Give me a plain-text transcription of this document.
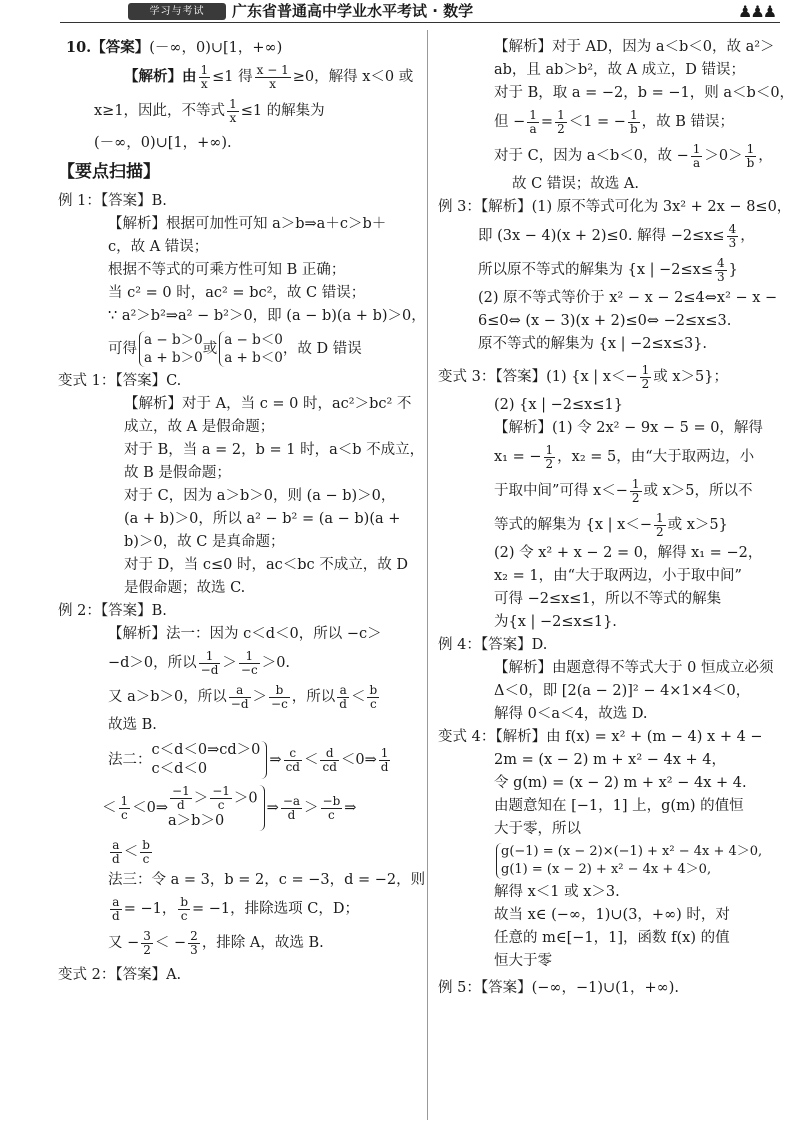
学习与考试	广东省普通高中学业水平考试 · 数学	♟♟♟
10.【答案】(－∞，0)∪[1，+∞)
【解析】由 $\frac{1}{x} \le 1$ 得 $\frac{x - 1}{x} \ge 0$，解得 x＜0 或
x≥1，因此，不等式 $\frac{1}{x} \le 1$ 的解集为
(－∞，0)∪[1，+∞).
【要点扫描】
例 1：【答案】B.
【解析】根据可加性可知 a＞b⇒a＋c＞b＋
c，故 A 错误；
根据不等式的可乘方性可知 B 正确；
当 c² = 0 时，ac² = bc²，故 C 错误；
∵ a²＞b²⇒a² − b²＞0，即 (a − b)(a + b)＞0，
可得
a − b＞0
a + b＞0
或
a − b＜0
a + b＜0
，故 D 错误
变式 1：【答案】C.
【解析】对于 A，当 c = 0 时，ac²＞bc² 不
成立，故 A 是假命题；
对于 B，当 a = 2，b = 1 时，a＜b 不成立，
故 B 是假命题；
对于 C，因为 a＞b＞0，则 (a − b)＞0，
(a + b)＞0，所以 a² − b² = (a − b)(a +
b)＞0，故 C 是真命题；
对于 D，当 c≤0 时，ac＜bc 不成立，故 D
是假命题；故选 C.
例 2：【答案】B.
【解析】法一：因为 c＜d＜0，所以 −c＞
−d＞0，所以 $\frac{1}{-d} > \frac{1}{-c} >0$.
又 a＞b＞0，所以 $\frac{a}{-d} > \frac{b}{-c}$ ，所以 $\frac{a}{d} < \frac{b}{c}$
故选 B.
法二：
c＜d＜0⇒cd＞0
c＜d＜0
⇒ $\frac{c}{cd} < \frac{d}{cd}$ ＜0⇒ $\frac{1}{d}$
＜ $\frac{1}{c}$ ＜0⇒ $\frac{-1}{d} > \frac{-1}{c} >0$
a＞b＞0⇒ $\frac{-a}{d} > \frac{-b}{c}$ ⇒
$\frac{a}{d} < \frac{b}{c}$
法三：令 a = 3，b = 2，c = −3，d = −2，则
$\frac{a}{d} = -1$， $\frac{b}{c} = -1$，排除选项 C，D；
又 − $\frac{3}{2}$ ＜ − $\frac{2}{3}$ ，排除 A，故选 B.
变式 2：【答案】A.
【解析】对于 AD，因为 a＜b＜0，故 a²＞
ab，且 ab＞b²，故 A 成立，D 错误；
对于 B，取 a = −2，b = −1，则 a＜b＜0，
但 − $\frac{1}{a} = \frac{1}{2} <1$ = − $\frac{1}{b}$ ，故 B 错误；
对于 C，因为 a＜b＜0，故 − $\frac{1}{a} >0> \frac{1}{b}$ ，
故 C 错误；故选 A.
例 3：【解析】(1) 原不等式可化为 3x² + 2x − 8≤0，
即 (3x − 4)(x + 2)≤0. 解得 $-2\le x\le \frac{4}{3}$ ，
所以原不等式的解集为 {x | $-2\le x\le \frac{4}{3}$ }
(2) 原不等式等价于 x² − x − 2≤4⇔x² − x −
6≤0⇔ (x − 3)(x + 2)≤0⇔ −2≤x≤3.
原不等式的解集为 {x | −2≤x≤3}.
变式 3：【答案】(1) {x | $x<- \frac{1}{2}$ 或 x＞5}；
(2) {x | −2≤x≤1}
【解析】(1) 令 2x² − 9x − 5 = 0，解得
x₁ = − $\frac{1}{2}$ ，x₂ = 5，由“大于取两边，小
于取中间”可得 $x<- \frac{1}{2}$ 或 x＞5，所以不
等式的解集为 {x | $x<- \frac{1}{2}$ 或 x＞5}
(2) 令 x² + x − 2 = 0，解得 x₁ = −2，
x₂ = 1，由“大于取两边，小于取中间”
可得 −2≤x≤1，所以不等式的解集
为{x | −2≤x≤1}.
例 4：【答案】D.
【解析】由题意得不等式大于 0 恒成立必须
Δ＜0，即 [2(a − 2)]² − 4×1×4＜0，
解得 0＜a＜4，故选 D.
变式 4：【解析】由 f(x) = x² + (m − 4) x + 4 −
2m = (x − 2) m + x² − 4x + 4，
令 g(m) = (x − 2) m + x² − 4x + 4.
由题意知在 [−1，1] 上，g(m) 的值恒
大于零，所以
g(−1) = (x − 2)×(−1) + x² − 4x + 4＞0,
g(1) = (x − 2) + x² − 4x + 4＞0,
解得 x＜1 或 x＞3.
故当 x∈ (−∞，1)∪(3，+∞) 时，对
任意的 m∈[−1，1]，函数 f(x) 的值
恒大于零
例 5：【答案】(−∞，−1)∪(1，+∞).
